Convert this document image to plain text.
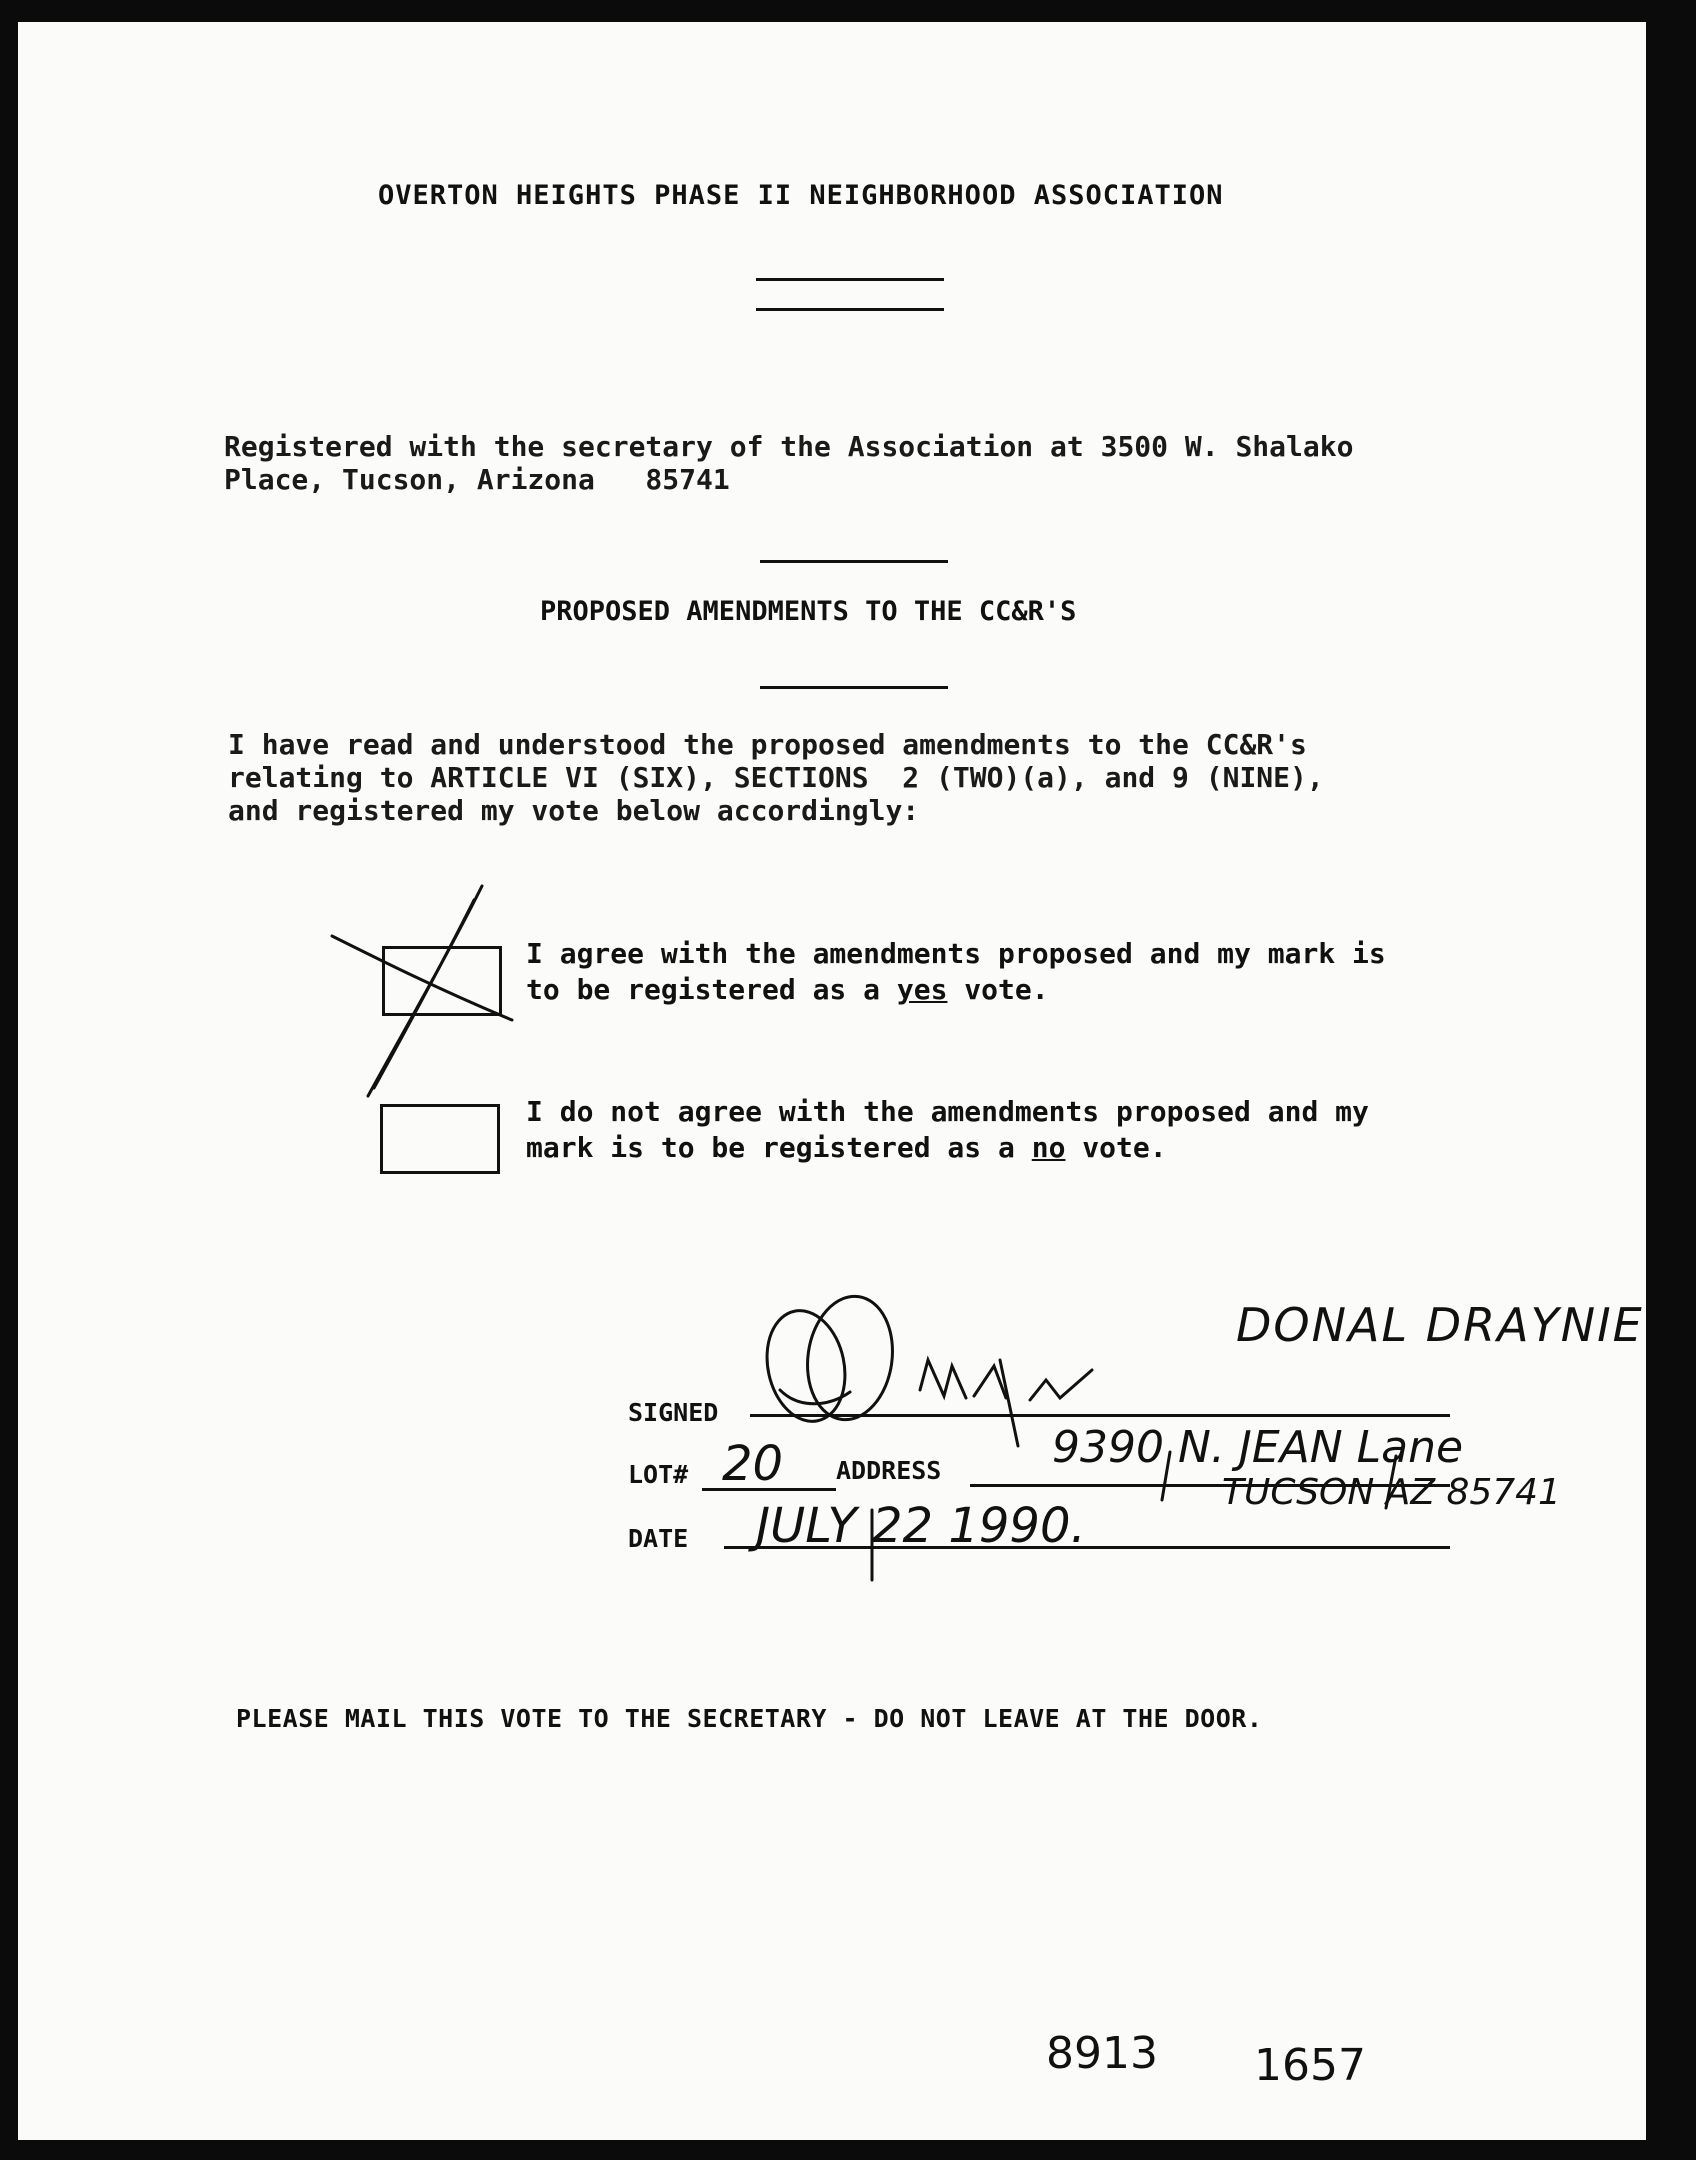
OVERTON HEIGHTS PHASE II NEIGHBORHOOD ASSOCIATION
Registered with the secretary of the Association at 3500 W. Shalako
Place, Tucson, Arizona   85741
PROPOSED AMENDMENTS TO THE CC&R'S
I have read and understood the proposed amendments to the CC&R's
relating to ARTICLE VI (SIX), SECTIONS  2 (TWO)(a), and 9 (NINE),
and registered my vote below accordingly:
I agree with the amendments proposed and my mark is
to be registered as a yes vote.
I do not agree with the amendments proposed and my
mark is to be registered as a no vote.
SIGNED
LOT#	ADDRESS
DATE
DONAL DRAYNIE
20	9390 N. JEAN Lane
TUCSON AZ 85741
JULY 22 1990.
PLEASE MAIL THIS VOTE TO THE SECRETARY - DO NOT LEAVE AT THE DOOR.
8913 1657
